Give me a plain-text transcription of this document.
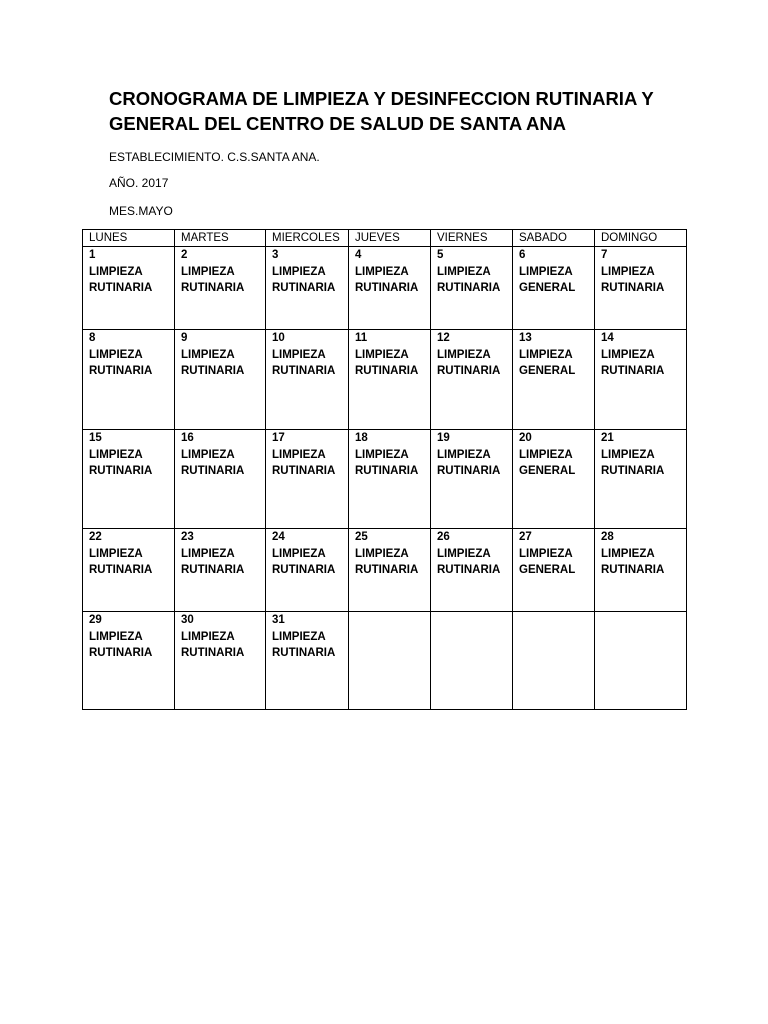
CRONOGRAMA DE LIMPIEZA Y DESINFECCION RUTINARIA Y GENERAL DEL CENTRO DE SALUD DE SANTA ANA

ESTABLECIMIENTO. C.S.SANTA ANA.

AÑO. 2017

MES.MAYO

LUNES	MARTES	MIERCOLES	JUEVES	VIERNES	SABADO	DOMINGO

1
LIMPIEZA
RUTINARIA	2
LIMPIEZA
RUTINARIA	3
LIMPIEZA
RUTINARIA	4
LIMPIEZA
RUTINARIA	5
LIMPIEZA
RUTINARIA	6
LIMPIEZA
GENERAL	7
LIMPIEZA
RUTINARIA

8
LIMPIEZA
RUTINARIA	9
LIMPIEZA
RUTINARIA	10
LIMPIEZA
RUTINARIA	11
LIMPIEZA
RUTINARIA	12
LIMPIEZA
RUTINARIA	13
LIMPIEZA
GENERAL	14
LIMPIEZA
RUTINARIA

15
LIMPIEZA
RUTINARIA	16
LIMPIEZA
RUTINARIA	17
LIMPIEZA
RUTINARIA	18
LIMPIEZA
RUTINARIA	19
LIMPIEZA
RUTINARIA	20
LIMPIEZA
GENERAL	21
LIMPIEZA
RUTINARIA

22
LIMPIEZA
RUTINARIA	23
LIMPIEZA
RUTINARIA	24
LIMPIEZA
RUTINARIA	25
LIMPIEZA
RUTINARIA	26
LIMPIEZA
RUTINARIA	27
LIMPIEZA
GENERAL	28
LIMPIEZA
RUTINARIA

29
LIMPIEZA
RUTINARIA	30
LIMPIEZA
RUTINARIA	31
LIMPIEZA
RUTINARIA				
